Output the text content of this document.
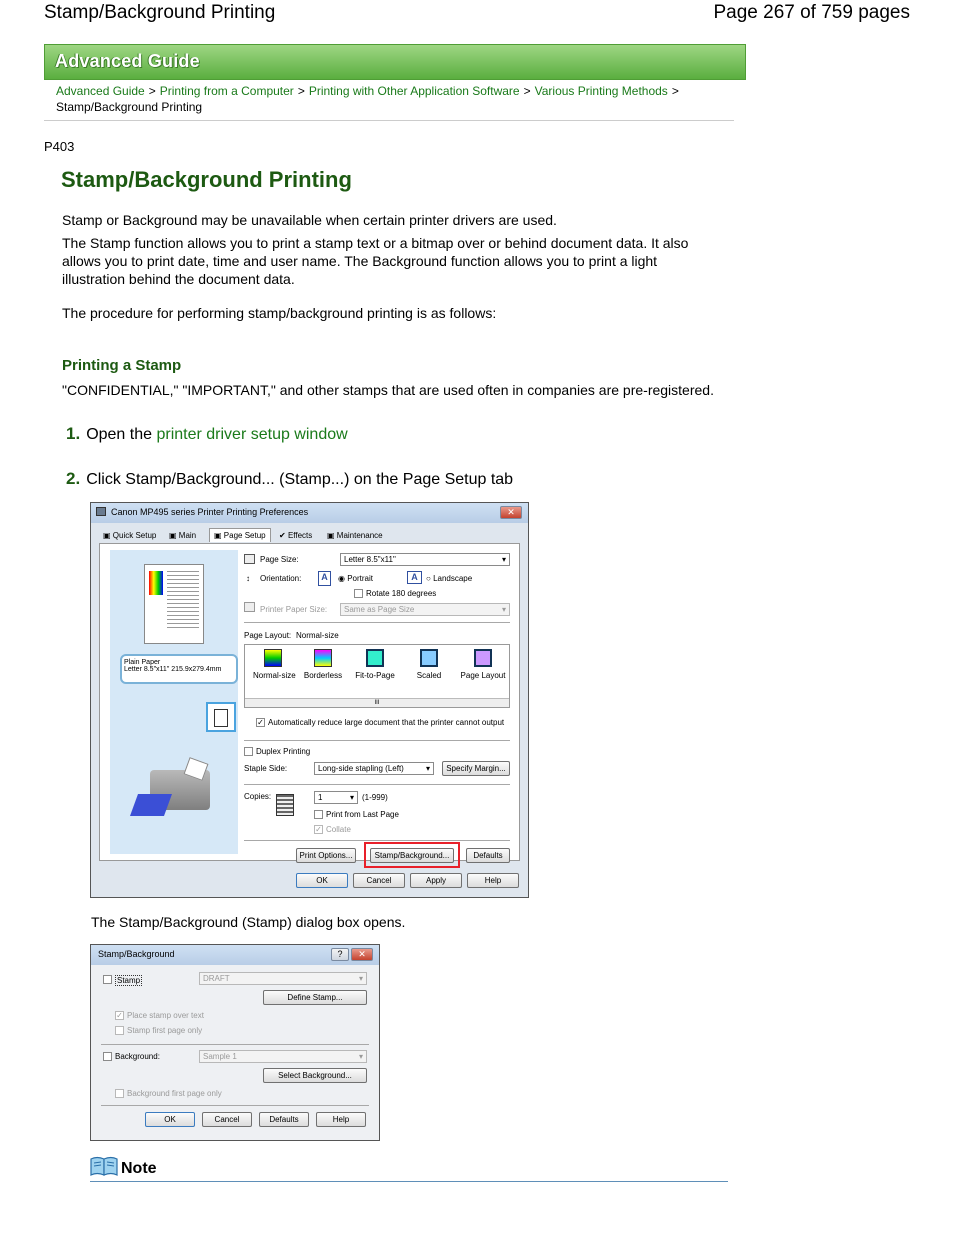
Stamp/Background Printing	Page 267 of 759 pages
Advanced Guide
Advanced Guide > Printing from a Computer > Printing with Other Application Software > Various Printing Methods >
Stamp/Background Printing
P403
Stamp/Background Printing
Stamp or Background may be unavailable when certain printer drivers are used.
The Stamp function allows you to print a stamp text or a bitmap over or behind document data. It also allows you to print date, time and user name. The Background function allows you to print a light illustration behind the document data.
The procedure for performing stamp/background printing is as follows:
Printing a Stamp
"CONFIDENTIAL," "IMPORTANT," and other stamps that are used often in companies are pre-registered.
1. Open the printer driver setup window
2. Click Stamp/Background... (Stamp...) on the Page Setup tab
Canon MP495 series Printer Printing Preferences	✕
▣ Quick Setup ▣ Main	▣ Page Setup	✔ Effects ▣ Maintenance
Plain Paper
Letter 8.5"x11" 215.9x279.4mm
Page Size:	Letter 8.5"x11" ▾
↕ Orientation:	A	◉ Portrait	A	○ Landscape
Rotate 180 degrees
Printer Paper Size:	Same as Page Size ▾
Page Layout: Normal-size
Normal-size Borderless Fit-to-Page	Scaled	Page Layout
III
✓ Automatically reduce large document that the printer cannot output
Duplex Printing
Staple Side:	Long-side stapling (Left) ▾	Specify Margin...
Copies:	1 ▾	(1-999)
Print from Last Page
✓ Collate
Print Options...	Stamp/Background...	Defaults
OK	Cancel	Apply	Help
The Stamp/Background (Stamp) dialog box opens.
Stamp/Background	?	✕
Stamp	DRAFT ▾
Define Stamp...
✓ Place stamp over text
Stamp first page only
Background:	Sample 1 ▾
Select Background...
Background first page only
OK	Cancel	Defaults	Help
Note
